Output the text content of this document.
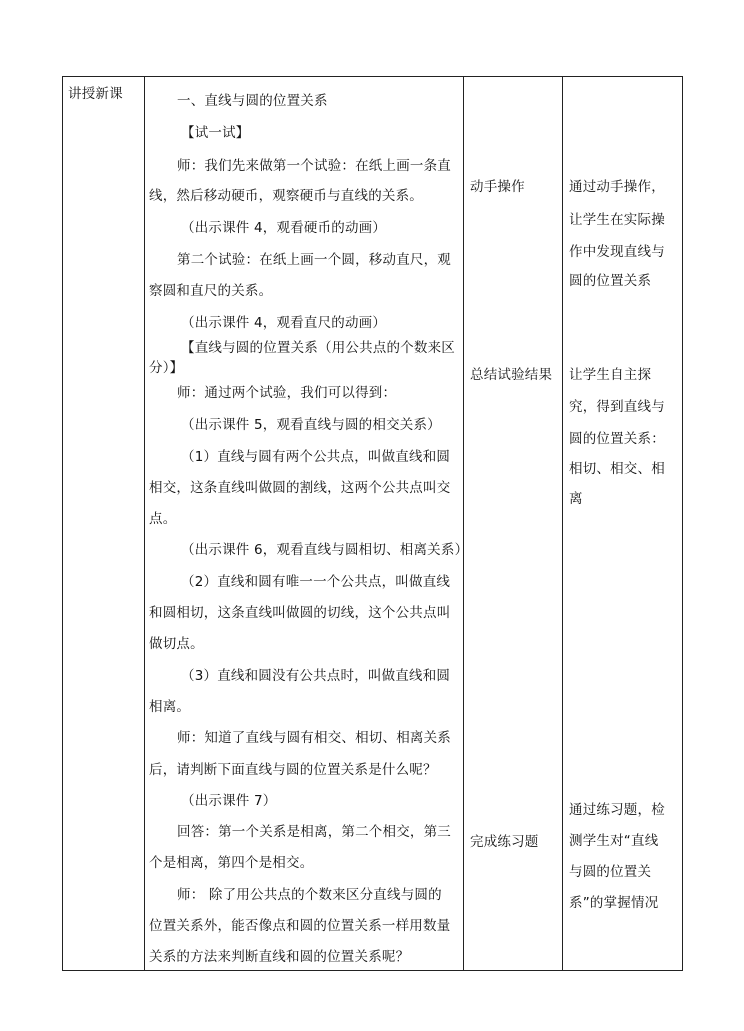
讲授新课	一、直线与圆的位置关系
【试一试】
师：我们先来做第一个试验：在纸上画一条直
线，然后移动硬币，观察硬币与直线的关系。
（出示课件 4，观看硬币的动画）
第二个试验：在纸上画一个圆，移动直尺，观
察圆和直尺的关系。
（出示课件 4，观看直尺的动画）
【直线与圆的位置关系（用公共点的个数来区
分）】
师：通过两个试验，我们可以得到：
（出示课件 5，观看直线与圆的相交关系）
（1）直线与圆有两个公共点，叫做直线和圆
相交，这条直线叫做圆的割线，这两个公共点叫交
点。
（出示课件 6，观看直线与圆相切、相离关系）
（2）直线和圆有唯一一个公共点，叫做直线
和圆相切，这条直线叫做圆的切线，这个公共点叫
做切点。
（3）直线和圆没有公共点时，叫做直线和圆
相离。
师：知道了直线与圆有相交、相切、相离关系
后，请判断下面直线与圆的位置关系是什么呢？
（出示课件 7）
回答：第一个关系是相离，第二个相交，第三
个是相离，第四个是相交。
师： 除了用公共点的个数来区分直线与圆的
位置关系外，能否像点和圆的位置关系一样用数量
关系的方法来判断直线和圆的位置关系呢？
动手操作
总结试验结果
完成练习题
通过动手操作，
让学生在实际操
作中发现直线与
圆的位置关系
让学生自主探
究，得到直线与
圆的位置关系：
相切、相交、相
离
通过练习题，检
测学生对“直线
与圆的位置关
系”的掌握情况
